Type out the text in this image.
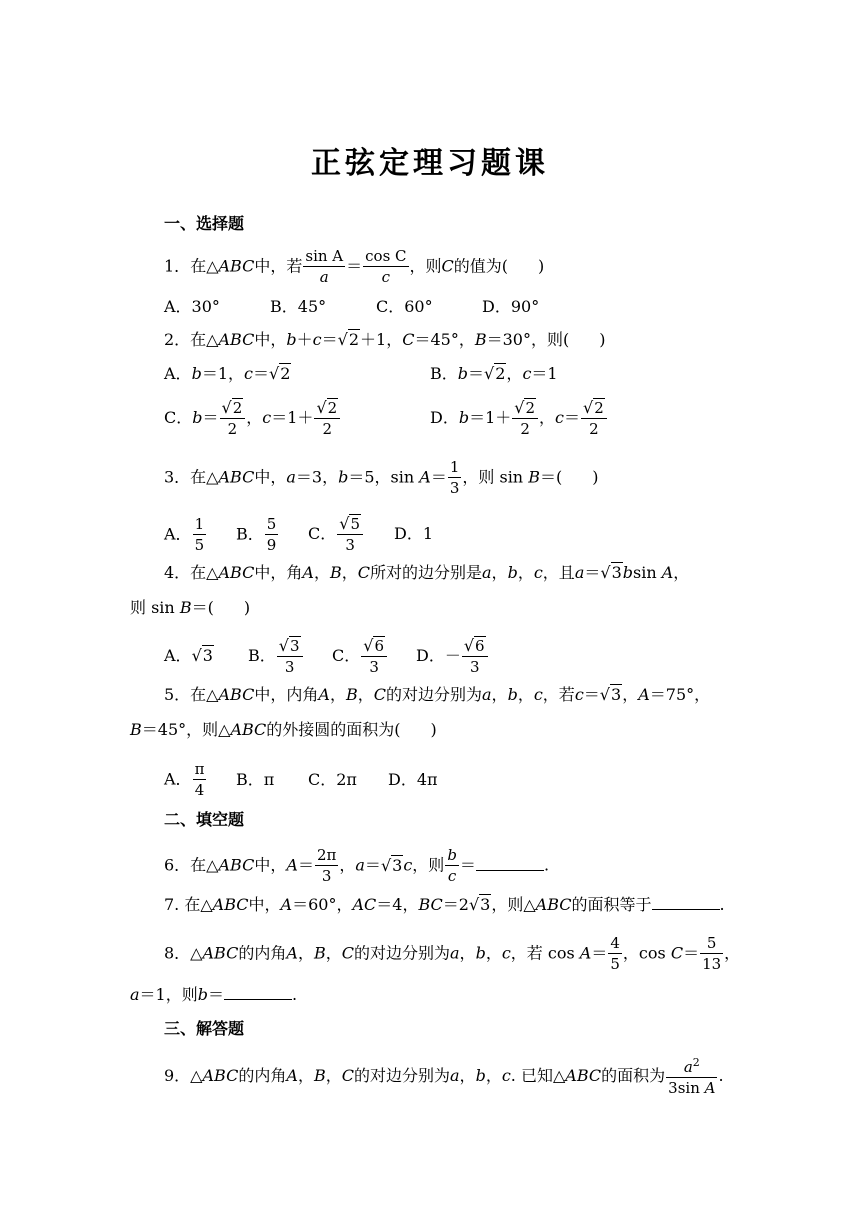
正弦定理习题课
一、选择题
1．在△ABC中，若 $\frac{\text{sin A}}{a} = \frac{\text{cos C}}{c}$ ，则C的值为( )
A．30°	B．45°	C．60°	D．90°
2．在△ABC中，b＋c＝√2＋1，C＝45°，B＝30°，则( )
A．b＝1，c＝√2	B．b＝√2，c＝1
C．$b= \frac{√2}{2}$ ，$c=1+ \frac{√2}{2}$	D．$b=1+ \frac{√2}{2}$ ，$c= \frac{√2}{2}$
3．在△ABC中，a＝3，b＝5，$\sin A= \frac{1}{3}$ ，则 sin B＝( )
A． $\frac{1}{5}$ B． $\frac{5}{9}$ C． $\frac{√5}{3}$ D．1
4．在△ABC中，角A，B，C所对的边分别是a，b，c，且a＝√3bsin A，
则 sin B＝( )
A．√3 B． $\frac{√3}{3}$ C． $\frac{√6}{3}$ D．－ $\frac{√6}{3}$
5．在△ABC中，内角A，B，C的对边分别为a，b，c，若c＝√3，A＝75°，
B＝45°，则△ABC的外接圆的面积为( )
A． $\frac{\pi}{4}$ B．π C．2π D．4π
二、填空题
6．在△ABC中，$A= \frac{2\pi}{3}$ ，a＝√3c，则 $\frac{b}{c}$ ＝	.
7. 在△ABC中，A＝60°，AC＝4，BC＝2√3，则△ABC的面积等于	.
8．△ABC的内角A，B，C的对边分别为a，b，c，若 $\cos A= \frac{4}{5}$ ，$\cos C= \frac{5}{13}$ ，
a＝1，则b＝	.
三、解答题
9．△ABC的内角A，B，C的对边分别为a，b，c. 已知△ABC的面积为 $\frac{a^2}{\text{3sin A}}$ .
